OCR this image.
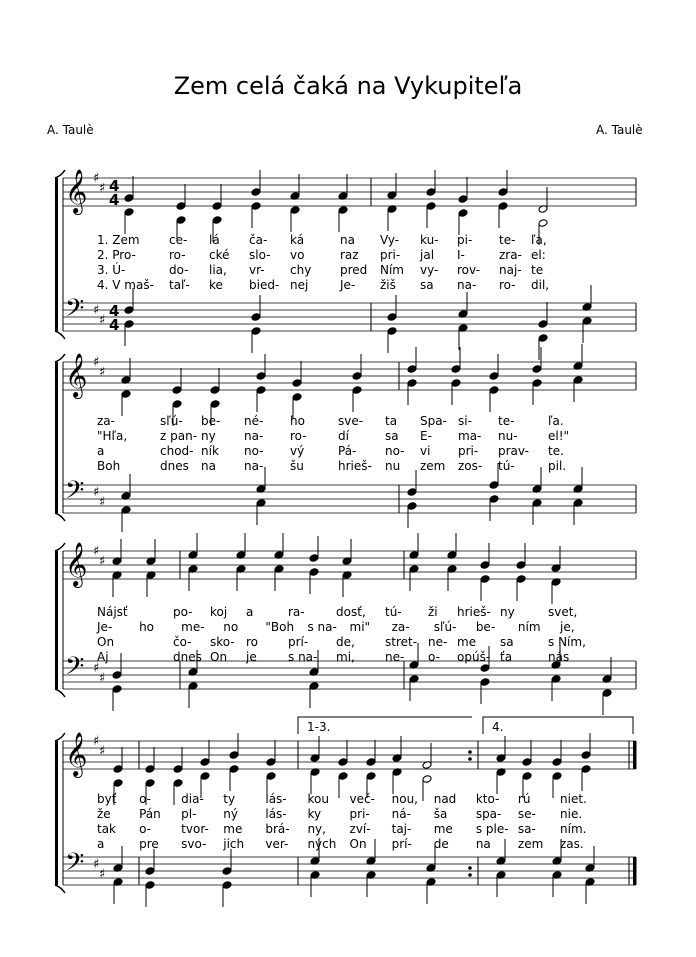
Zem celá čaká na Vykupiteľa
A. Taulè	A. Taulè
𝄞
𝄢
♯
♯
♯
♯
4
4
4
4
𝄞
𝄢
♯
♯
♯
♯
𝄞
𝄢
♯
♯
♯
♯
𝄞
𝄢
♯
♯
♯
♯
1. Zem ce- lá ča- ká	na Vy- ku- pi- te- ľa,
2. Pro-	ro- cké slo- vo	raz pri- jal I-	zra- el:
3. Ú-	do- lia, vr- chy pred Ním vy- rov- naj- te
4. V maš- taľ- ke bied- nej	Je- žiš sa na- ro- dil,
za-	sľú- be- né- ho	sve- ta Spa- si- te-	ľa.
"Hľa,	z pan- ny na- ro-	dí	sa E- ma- nu-	el!"
a	chod- ník no- vý	Pá- no- vi pri- prav- te.
Boh	dnes na na- šu	hrieš- nu zem zos- tú-	pil.
Nájsť	po- koj a	ra-	dosť, tú- ži hrieš- ny	svet,
Je- ho me- no "Boh s na- mi" za- sľú- be- ním je,
On	čo- sko- ro prí- de,	stret- ne- me sa	s Ním,
Aj	dnes On je	s na- mi,	ne- o- opúš- ťa	nás
byť o-	dia- ty	lás- kou več- nou, nad kto- rú niet.
že Pán pl- ný lás- ky pri- ná- ša spa- se- nie.
tak o-	tvor- me brá- ny, zví- taj- me s ple- sa- ním.
a	pre svo- jich ver- ných On prí- de na zem zas.
1-3.	4.
